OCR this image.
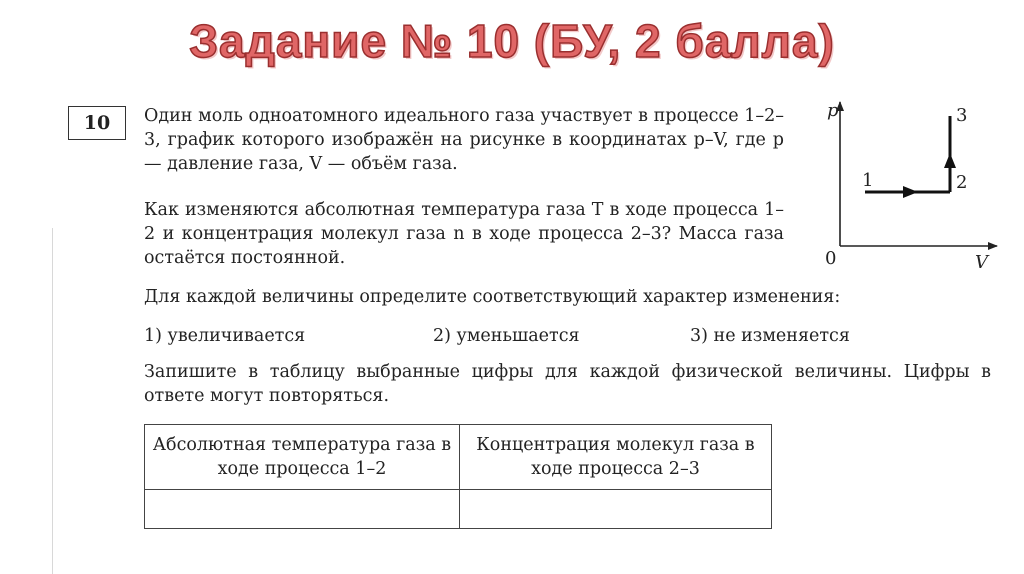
Задание № 10 (БУ, 2 балла)
10	Один моль одноатомного идеального газа участвует в процессе 1–2–3, график которого изображён на рисунке в координатах p–V, где p — давление газа, V — объём газа.

Как изменяются абсолютная температура газа T в ходе процесса 1–2 и концентрация молекул газа n в ходе процесса 2–3? Масса газа остаётся постоянной.

Для каждой величины определите соответствующий характер изменения:

1) увеличивается	2) уменьшается	3) не изменяется

Запишите в таблицу выбранные цифры для каждой физической величины. Цифры в ответе могут повторяться.

Абсолютная температура газа в ходе процесса 1–2	Концентрация молекул газа в ходе процесса 2–3

p
V
0
1	2
3
